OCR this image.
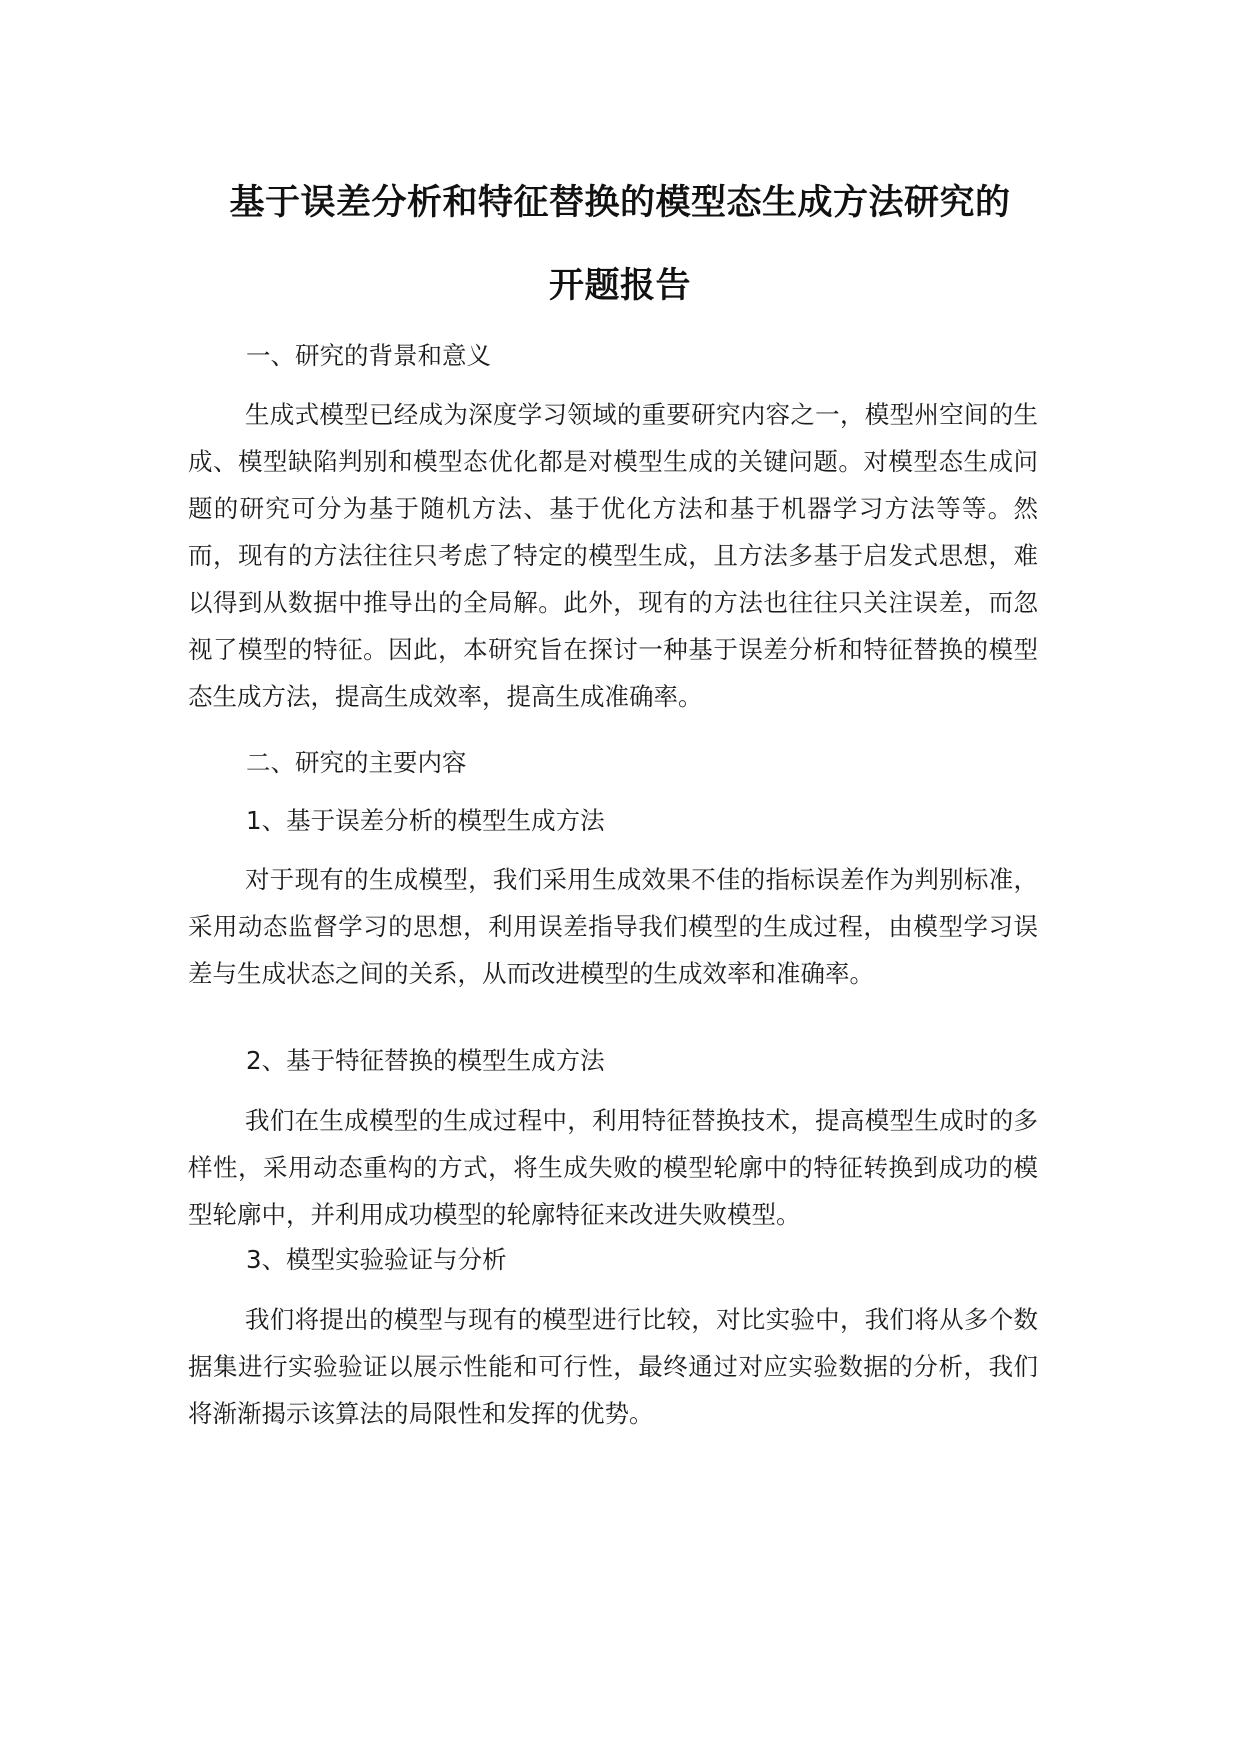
基于误差分析和特征替换的模型态生成方法研究的
开题报告

一、研究的背景和意义

生成式模型已经成为深度学习领域的重要研究内容之一，模型州空间的生成、模型缺陷判别和模型态优化都是对模型生成的关键问题。对模型态生成问题的研究可分为基于随机方法、基于优化方法和基于机器学习方法等等。然而，现有的方法往往只考虑了特定的模型生成，且方法多基于启发式思想，难以得到从数据中推导出的全局解。此外，现有的方法也往往只关注误差，而忽视了模型的特征。因此，本研究旨在探讨一种基于误差分析和特征替换的模型态生成方法，提高生成效率，提高生成准确率。

二、研究的主要内容

1、基于误差分析的模型生成方法

对于现有的生成模型，我们采用生成效果不佳的指标误差作为判别标准，采用动态监督学习的思想，利用误差指导我们模型的生成过程，由模型学习误差与生成状态之间的关系，从而改进模型的生成效率和准确率。

2、基于特征替换的模型生成方法

我们在生成模型的生成过程中，利用特征替换技术，提高模型生成时的多样性，采用动态重构的方式，将生成失败的模型轮廓中的特征转换到成功的模型轮廓中，并利用成功模型的轮廓特征来改进失败模型。

3、模型实验验证与分析

我们将提出的模型与现有的模型进行比较，对比实验中，我们将从多个数据集进行实验验证以展示性能和可行性，最终通过对应实验数据的分析，我们将渐渐揭示该算法的局限性和发挥的优势。
